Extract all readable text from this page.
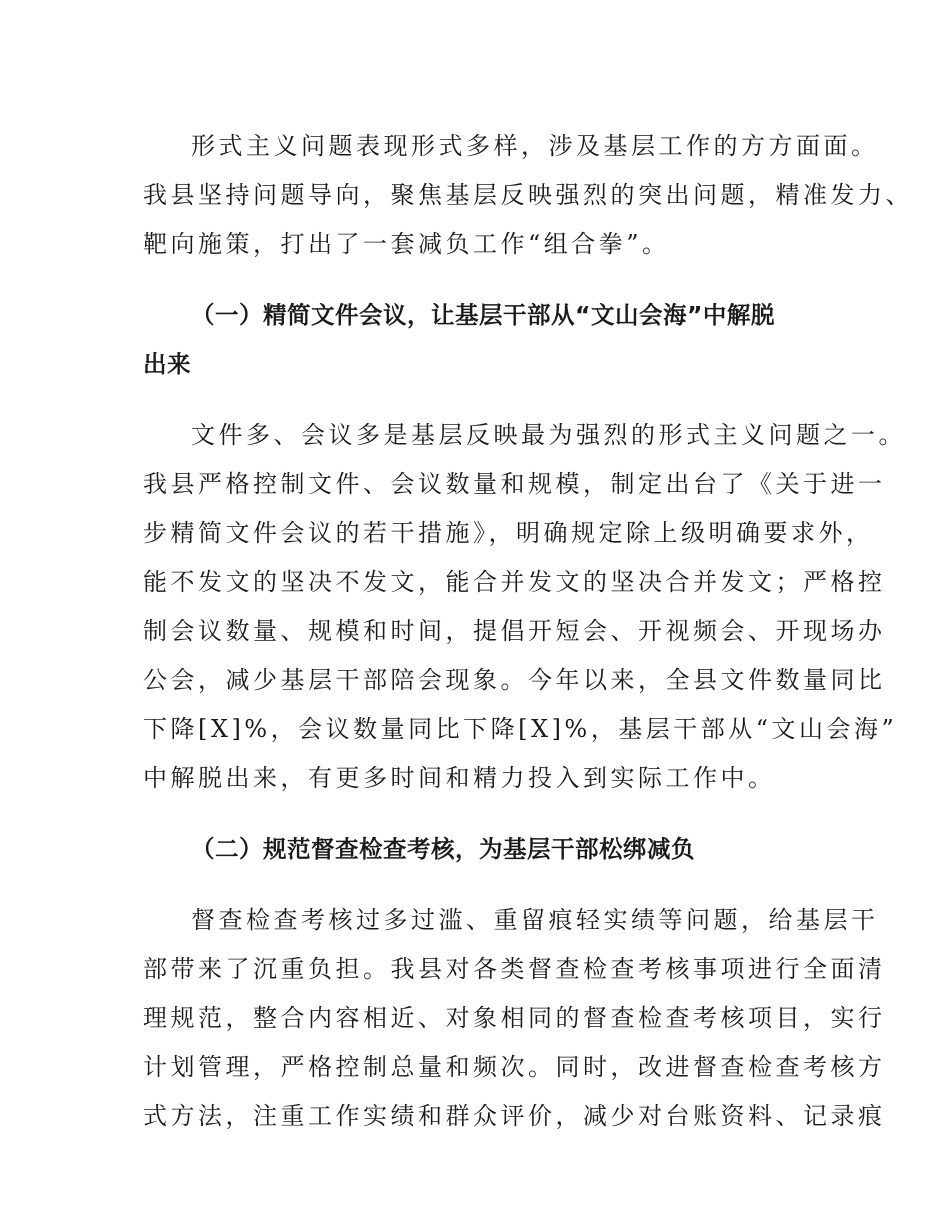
形式主义问题表现形式多样，涉及基层工作的方方面面。
我县坚持问题导向，聚焦基层反映强烈的突出问题，精准发力、
靶向施策，打出了一套减负工作“组合拳”。
（一）精简文件会议，让基层干部从“文山会海”中解脱
出来
文件多、会议多是基层反映最为强烈的形式主义问题之一。
我县严格控制文件、会议数量和规模，制定出台了《关于进一
步精简文件会议的若干措施》，明确规定除上级明确要求外，
能不发文的坚决不发文，能合并发文的坚决合并发文；严格控
制会议数量、规模和时间，提倡开短会、开视频会、开现场办
公会，减少基层干部陪会现象。今年以来，全县文件数量同比
下降[X]%，会议数量同比下降[X]%，基层干部从“文山会海”
中解脱出来，有更多时间和精力投入到实际工作中。
（二）规范督查检查考核，为基层干部松绑减负
督查检查考核过多过滥、重留痕轻实绩等问题，给基层干
部带来了沉重负担。我县对各类督查检查考核事项进行全面清
理规范，整合内容相近、对象相同的督查检查考核项目，实行
计划管理，严格控制总量和频次。同时，改进督查检查考核方
式方法，注重工作实绩和群众评价，减少对台账资料、记录痕
